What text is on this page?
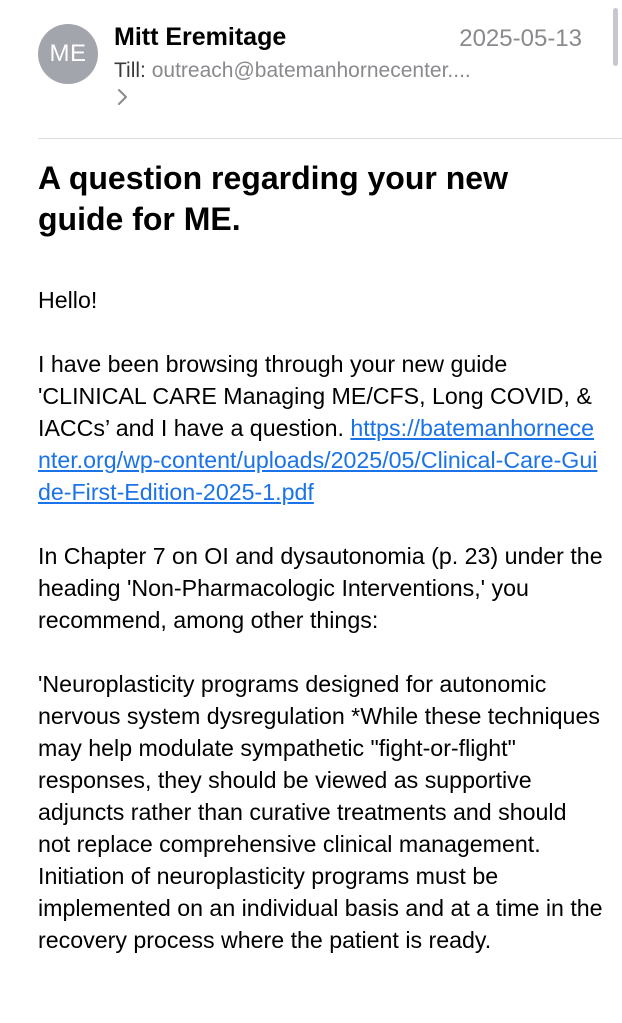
ME
Mitt Eremitage	2025-05-13
Till: outreach@batemanhornecenter....
A question regarding your new guide for ME.

Hello!

I have been browsing through your new guide 'CLINICAL CARE Managing ME/CFS, Long COVID, & IACCs’ and I have a question. https://batemanhornecenter.org/wp-content/uploads/2025/05/Clinical-Care-Guide-First-Edition-2025-1.pdf

In Chapter 7 on OI and dysautonomia (p. 23) under the heading 'Non-Pharmacologic Interventions,' you recommend, among other things:

'Neuroplasticity programs designed for autonomic nervous system dysregulation *While these techniques may help modulate sympathetic "fight-or-flight" responses, they should be viewed as supportive adjuncts rather than curative treatments and should not replace comprehensive clinical management. Initiation of neuroplasticity programs must be implemented on an individual basis and at a time in the recovery process where the patient is ready.
